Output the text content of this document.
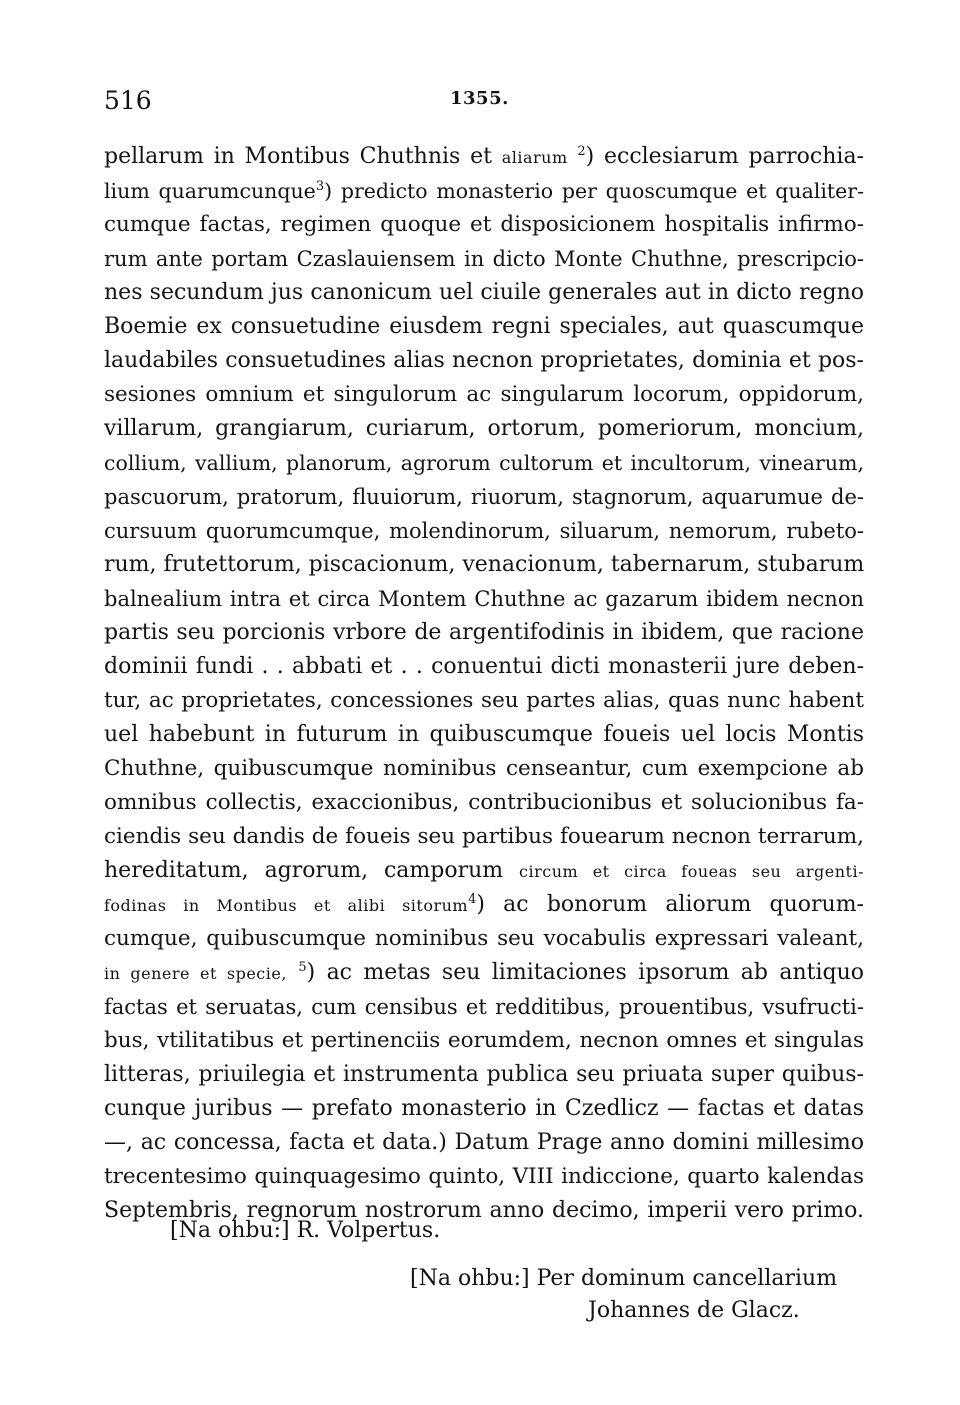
516	1355.
pellarum in Montibus Chuthnis et aliarum $^2$) ecclesiarum parrochia-
lium quarumcunque$^3$) predicto monasterio per quoscumque et qualiter-
cumque factas, regimen quoque et disposicionem hospitalis infirmo-
rum ante portam Czaslauiensem in dicto Monte Chuthne, prescripcio-
nes secundum jus canonicum uel ciuile generales aut in dicto regno
Boemie ex consuetudine eiusdem regni speciales, aut quascumque
laudabiles consuetudines alias necnon proprietates, dominia et pos-
sesiones omnium et singulorum ac singularum locorum, oppidorum,
villarum, grangiarum, curiarum, ortorum, pomeriorum, moncium,
collium, vallium, planorum, agrorum cultorum et incultorum, vinearum,
pascuorum, pratorum, fluuiorum, riuorum, stagnorum, aquarumue de-
cursuum quorumcumque, molendinorum, siluarum, nemorum, rubeto-
rum, frutettorum, piscacionum, venacionum, tabernarum, stubarum
balnealium intra et circa Montem Chuthne ac gazarum ibidem necnon
partis seu porcionis vrbore de argentifodinis in ibidem, que racione
dominii fundi . . abbati et . . conuentui dicti monasterii jure deben-
tur, ac proprietates, concessiones seu partes alias, quas nunc habent
uel habebunt in futurum in quibuscumque foueis uel locis Montis
Chuthne, quibuscumque nominibus censeantur, cum exempcione ab
omnibus collectis, exaccionibus, contribucionibus et solucionibus fa-
ciendis seu dandis de foueis seu partibus fouearum necnon terrarum,
hereditatum, agrorum, camporum circum et circa foueas seu argenti-
fodinas in Montibus et alibi sitorum$^4$) ac bonorum aliorum quorum-
cumque, quibuscumque nominibus seu vocabulis expressari valeant,
in genere et specie, $^5$) ac metas seu limitaciones ipsorum ab antiquo
factas et seruatas, cum censibus et redditibus, prouentibus, vsufructi-
bus, vtilitatibus et pertinenciis eorumdem, necnon omnes et singulas
litteras, priuilegia et instrumenta publica seu priuata super quibus-
cunque juribus — prefato monasterio in Czedlicz — factas et datas
—, ac concessa, facta et data.) Datum Prage anno domini millesimo
trecentesimo quinquagesimo quinto, VIII indiccione, quarto kalendas
Septembris, regnorum nostrorum anno decimo, imperii vero primo.
[Na ohbu:] R. Volpertus.
[Na ohbu:] Per dominum cancellarium
Johannes de Glacz.
